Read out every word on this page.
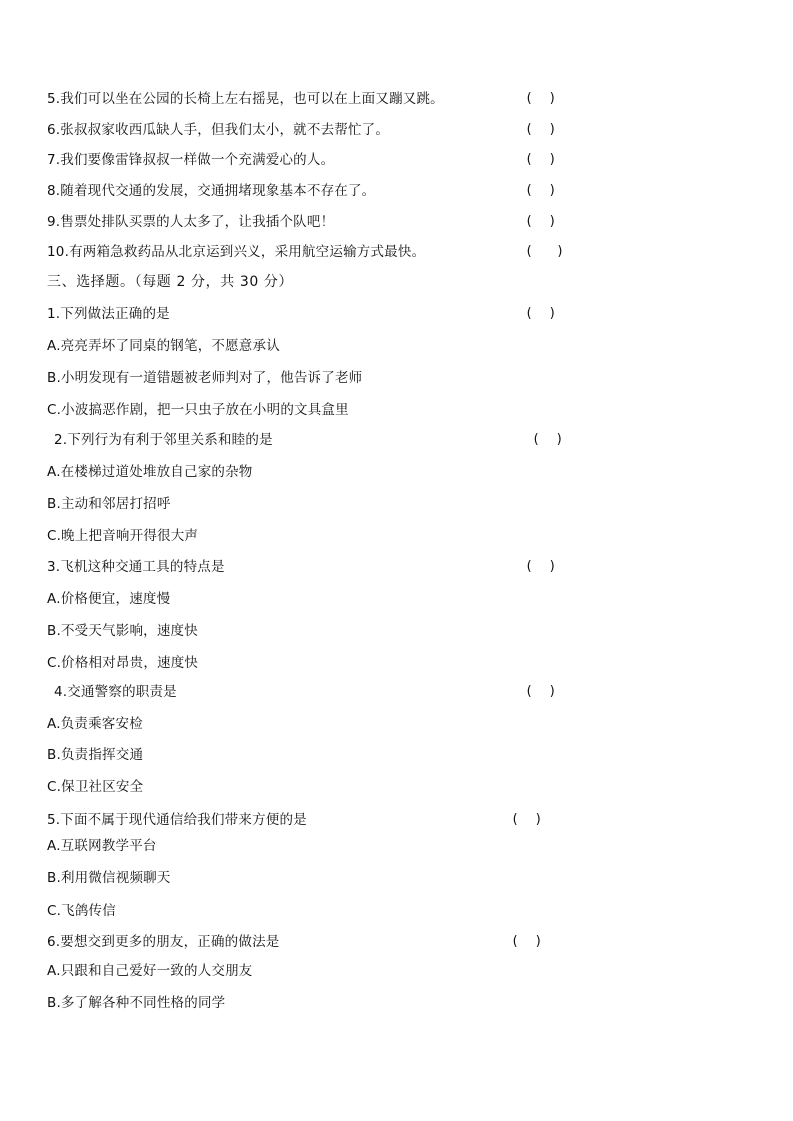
5.我们可以坐在公园的长椅上左右摇晃，也可以在上面又蹦又跳。	(  )
6.张叔叔家收西瓜缺人手，但我们太小，就不去帮忙了。	(  )
7.我们要像雷锋叔叔一样做一个充满爱心的人。	(  )
8.随着现代交通的发展，交通拥堵现象基本不存在了。	(  )
9.售票处排队买票的人太多了，让我插个队吧！	(  )
10.有两箱急救药品从北京运到兴义，采用航空运输方式最快。	(   )
三、选择题。（每题 2 分，共 30 分）
1.下列做法正确的是	(  )
A.亮亮弄坏了同桌的钢笔，不愿意承认
B.小明发现有一道错题被老师判对了，他告诉了老师
C.小波搞恶作剧，把一只虫子放在小明的文具盒里
2.下列行为有利于邻里关系和睦的是	(  )
A.在楼梯过道处堆放自己家的杂物
B.主动和邻居打招呼
C.晚上把音响开得很大声
3.飞机这种交通工具的特点是	(  )
A.价格便宜，速度慢
B.不受天气影响，速度快
C.价格相对昂贵，速度快
4.交通警察的职责是	(  )
A.负责乘客安检
B.负责指挥交通
C.保卫社区安全
5.下面不属于现代通信给我们带来方便的是	(  )
A.互联网教学平台
B.利用微信视频聊天
C.飞鸽传信
6.要想交到更多的朋友，正确的做法是	(  )
A.只跟和自己爱好一致的人交朋友
B.多了解各种不同性格的同学
